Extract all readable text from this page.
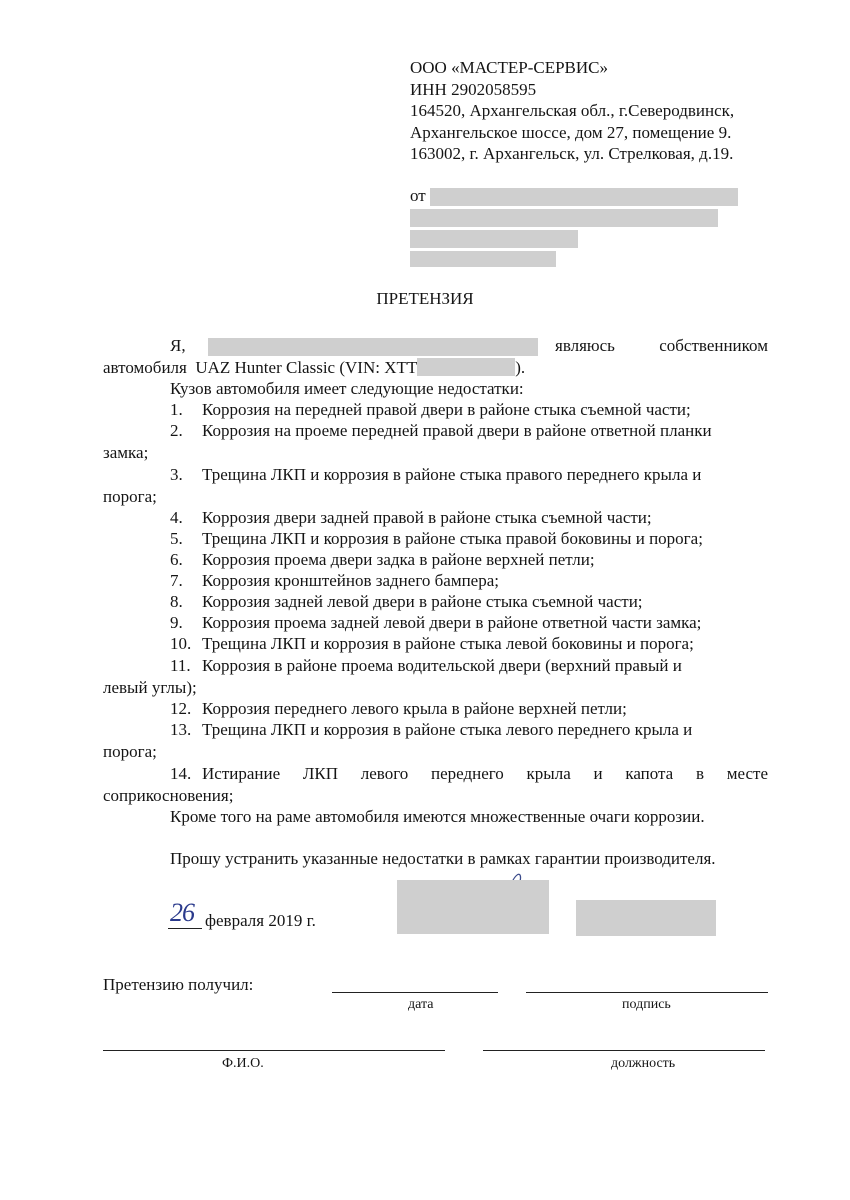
ООО «МАСТЕР-СЕРВИС»
ИНН 2902058595
164520, Архангельская обл., г.Северодвинск,
Архангельское шоссе, дом 27, помещение 9.
163002, г. Архангельск, ул. Стрелковая, д.19.
от
ПРЕТЕНЗИЯ
Я,	являюсь собственником
автомобиля UAZ Hunter Classic (VIN: XTT	).
Кузов автомобиля имеет следующие недостатки:
1. Коррозия на передней правой двери в районе стыка съемной части;
2. Коррозия на проеме передней правой двери в районе ответной планки
замка;
3. Трещина ЛКП и коррозия в районе стыка правого переднего крыла и
порога;
4. Коррозия двери задней правой в районе стыка съемной части;
5. Трещина ЛКП и коррозия в районе стыка правой боковины и порога;
6. Коррозия проема двери задка в районе верхней петли;
7. Коррозия кронштейнов заднего бампера;
8. Коррозия задней левой двери в районе стыка съемной части;
9. Коррозия проема задней левой двери в районе ответной части замка;
10. Трещина ЛКП и коррозия в районе стыка левой боковины и порога;
11. Коррозия в районе проема водительской двери (верхний правый и
левый углы);
12. Коррозия переднего левого крыла в районе верхней петли;
13. Трещина ЛКП и коррозия в районе стыка левого переднего крыла и
порога;
14. Истирание ЛКП левого переднего крыла и капота в месте
соприкосновения;
Кроме того на раме автомобиля имеются множественные очаги коррозии.
Прошу устранить указанные недостатки в рамках гарантии производителя.
26 февраля 2019 г.
Претензию получил:
дата	подпись
Ф.И.О.	должность
